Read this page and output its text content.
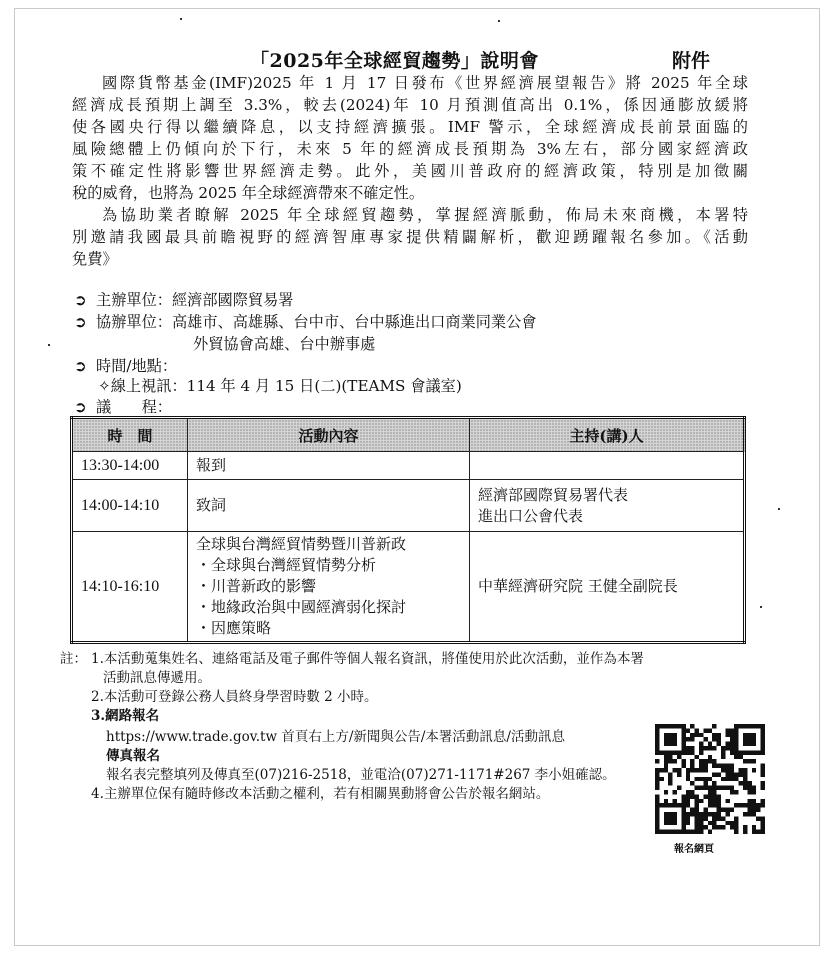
「2025年全球經貿趨勢」說明會	附件
國際貨幣基金(IMF)2025 年 1 月 17 日發布《世界經濟展望報告》將 2025 年全球
經濟成長預期上調至 3.3%，較去(2024)年 10 月預測值高出 0.1%，係因通膨放緩將
使各國央行得以繼續降息，以支持經濟擴張。IMF 警示，全球經濟成長前景面臨的
風險總體上仍傾向於下行，未來 5 年的經濟成長預期為 3%左右，部分國家經濟政
策不確定性將影響世界經濟走勢。此外，美國川普政府的經濟政策，特別是加徵關
稅的威脅，也將為 2025 年全球經濟帶來不確定性。
為協助業者瞭解 2025 年全球經貿趨勢，掌握經濟脈動，佈局未來商機，本署特
別邀請我國最具前瞻視野的經濟智庫專家提供精闢解析，歡迎踴躍報名參加。《活動
免費》
➲ 主辦單位：經濟部國際貿易署
➲ 協辦單位：高雄市、高雄縣、台中市、台中縣進出口商業同業公會
外貿協會高雄、台中辦事處
➲ 時間/地點：
✧線上視訊：114 年 4 月 15 日(二)(TEAMS 會議室)
➲ 議　　程：
時　間	活動內容	主持(講)人
13:30-14:00	報到	

14:00-14:10	致詞	經濟部國際貿易署代表
進出口公會代表

14:10-16:10	全球與台灣經貿情勢暨川普新政
・全球與台灣經貿情勢分析
・川普新政的影響
・地緣政治與中國經濟弱化探討
・因應策略	中華經濟研究院 王健全副院長
註： 1.本活動蒐集姓名、連絡電話及電子郵件等個人報名資訊，將僅使用於此次活動，並作為本署
活動訊息傳遞用。
2.本活動可登錄公務人員終身學習時數 2 小時。
3.網路報名
https://www.trade.gov.tw 首頁右上方/新聞與公告/本署活動訊息/活動訊息
傳真報名
報名表完整填列及傳真至(07)216-2518，並電洽(07)271-1171#267 李小姐確認。
4.主辦單位保有隨時修改本活動之權利，若有相關異動將會公告於報名網站。
報名網頁
